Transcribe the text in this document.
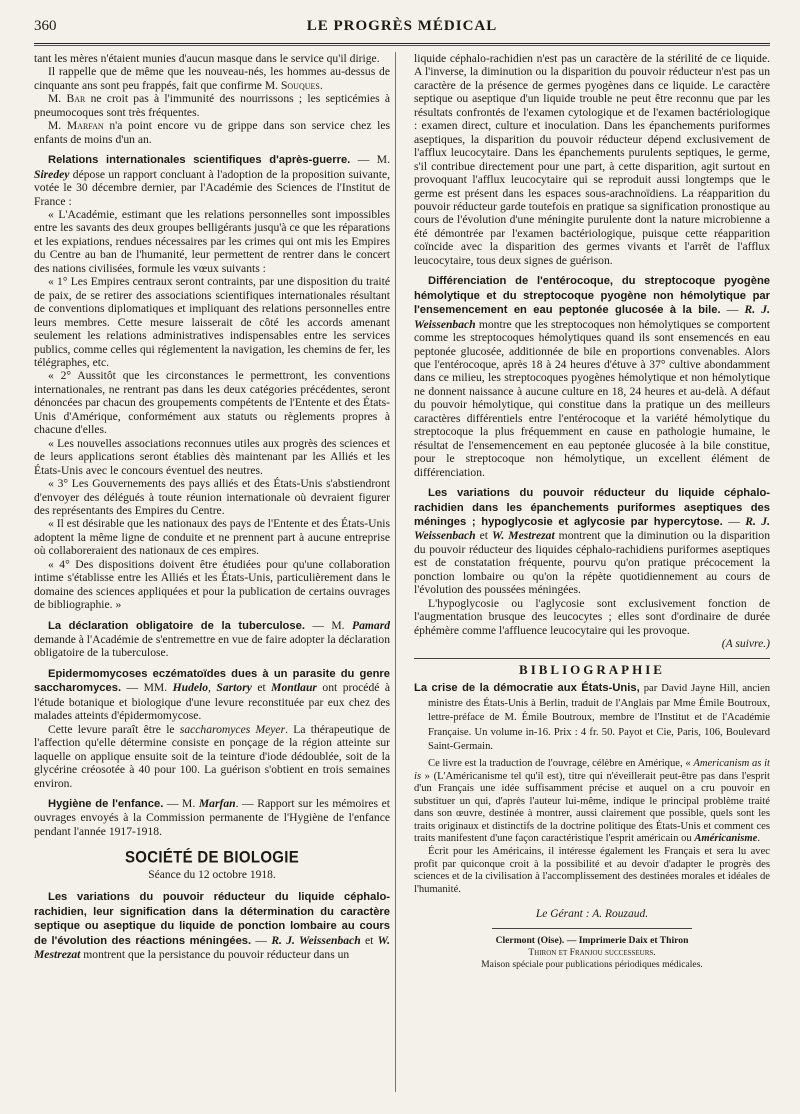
360	LE PROGRÈS MÉDICAL

tant les mères n'étaient munies d'aucun masque dans le service qu'il dirige.

Il rappelle que de même que les nouveau-nés, les hommes au-dessus de cinquante ans sont peu frappés, fait que confirme M. Souques.

M. Bar ne croit pas à l'immunité des nourrissons ; les septicémies à pneumocoques sont très fréquentes.

M. Marfan n'a point encore vu de grippe dans son service chez les enfants de moins d'un an.

Relations internationales scientifiques d'après-guerre. — M. Siredey dépose un rapport concluant à l'adoption de la proposition suivante, votée le 30 décembre dernier, par l'Académie des Sciences de l'Institut de France :

« L'Académie, estimant que les relations personnelles sont impossibles entre les savants des deux groupes belligérants jusqu'à ce que les réparations et les expiations, rendues nécessaires par les crimes qui ont mis les Empires du Centre au ban de l'humanité, leur permettent de rentrer dans le concert des nations civilisées, formule les vœux suivants :

« 1° Les Empires centraux seront contraints, par une disposition du traité de paix, de se retirer des associations scientifiques internationales résultant de conventions diplomatiques et impliquant des relations personnelles entre leurs membres. Cette mesure laisserait de côté les accords amenant seulement les relations administratives indispensables entre les services publics, comme celles qui réglementent la navigation, les chemins de fer, les télégraphes, etc.

« 2° Aussitôt que les circonstances le permettront, les conventions internationales, ne rentrant pas dans les deux catégories précédentes, seront dénoncées par chacun des groupements compétents de l'Entente et des États-Unis d'Amérique, conformément aux statuts ou règlements propres à chacune d'elles.

« Les nouvelles associations reconnues utiles aux progrès des sciences et de leurs applications seront établies dès maintenant par les Alliés et les États-Unis avec le concours éventuel des neutres.

« 3° Les Gouvernements des pays alliés et des États-Unis s'abstiendront d'envoyer des délégués à toute réunion internationale où devraient figurer des représentants des Empires du Centre.

« Il est désirable que les nationaux des pays de l'Entente et des États-Unis adoptent la même ligne de conduite et ne prennent part à aucune entreprise où collaboreraient des nationaux de ces empires.

« 4° Des dispositions doivent être étudiées pour qu'une collaboration intime s'établisse entre les Alliés et les États-Unis, particulièrement dans le domaine des sciences appliquées et pour la publication de certains ouvrages de bibliographie. »

La déclaration obligatoire de la tuberculose. — M. Pamard demande à l'Académie de s'entremettre en vue de faire adopter la déclaration obligatoire de la tuberculose.

Epidermomycoses eczématoïdes dues à un parasite du genre saccharomyces. — MM. Hudelo, Sartory et Montlaur ont procédé à l'étude botanique et biologique d'une levure reconstituée par eux chez des malades atteints d'épidermomycose.

Cette levure paraît être le saccharomyces Meyer. La thérapeutique de l'affection qu'elle détermine consiste en ponçage de la région atteinte sur laquelle on applique ensuite soit de la teinture d'iode dédoublée, soit de la glycérine créosotée à 40 pour 100. La guérison s'obtient en trois semaines environ.

Hygiène de l'enfance. — M. Marfan. — Rapport sur les mémoires et ouvrages envoyés à la Commission permanente de l'Hygiène de l'enfance pendant l'année 1917-1918.

SOCIÉTÉ DE BIOLOGIE
Séance du 12 octobre 1918.

Les variations du pouvoir réducteur du liquide céphalo-rachidien, leur signification dans la détermination du caractère septique ou aseptique du liquide de ponction lombaire au cours de l'évolution des réactions méningées. — R. J. Weissenbach et W. Mestrezat montrent que la persistance du pouvoir réducteur dans un

liquide céphalo-rachidien n'est pas un caractère de la stérilité de ce liquide. A l'inverse, la diminution ou la disparition du pouvoir réducteur n'est pas un caractère de la présence de germes pyogènes dans ce liquide. Le caractère septique ou aseptique d'un liquide trouble ne peut être reconnu que par les résultats confrontés de l'examen cytologique et de l'examen bactériologique : examen direct, culture et inoculation. Dans les épanchements puriformes aseptiques, la disparition du pouvoir réducteur dépend exclusivement de l'afflux leucocytaire. Dans les épanchements purulents septiques, le germe, s'il contribue directement pour une part, à cette disparition, agit surtout en provoquant l'afflux leucocytaire qui se reproduit aussi longtemps que le germe est présent dans les espaces sous-arachnoïdiens. La réapparition du pouvoir réducteur garde toutefois en pratique sa signification pronostique au cours de l'évolution d'une méningite purulente dont la nature microbienne a été démontrée par l'examen bactériologique, puisque cette réapparition coïncide avec la disparition des germes vivants et l'arrêt de l'afflux leucocytaire, tous deux signes de guérison.

Différenciation de l'entérocoque, du streptocoque pyogène hémolytique et du streptocoque pyogène non hémolytique par l'ensemencement en eau peptonée glucosée à la bile. — R. J. Weissenbach montre que les streptocoques non hémolytiques se comportent comme les streptocoques hémolytiques quand ils sont ensemencés en eau peptonée glucosée, additionnée de bile en proportions convenables. Alors que l'entérocoque, après 18 à 24 heures d'étuve à 37° cultive abondamment dans ce milieu, les streptocoques pyogènes hémolytique et non hémolytique ne donnent naissance à aucune culture en 18, 24 heures et au-delà. A défaut du pouvoir hémolytique, qui constitue dans la pratique un des meilleurs caractères différentiels entre l'entérocoque et la variété hémolytique du streptocoque la plus fréquemment en cause en pathologie humaine, le résultat de l'ensemencement en eau peptonée glucosée à la bile constitue, pour le streptocoque non hémolytique, un excellent élément de différenciation.

Les variations du pouvoir réducteur du liquide céphalo-rachidien dans les épanchements puriformes aseptiques des méninges ; hypoglycosie et aglycosie par hypercytose. — R. J. Weissenbach et W. Mestrezat montrent que la diminution ou la disparition du pouvoir réducteur des liquides céphalo-rachidiens puriformes aseptiques est de constatation fréquente, pourvu qu'on pratique précocement la ponction lombaire ou qu'on la répète quotidiennement au cours de l'évolution des poussées méningées.

L'hypoglycosie ou l'aglycosie sont exclusivement fonction de l'augmentation brusque des leucocytes ; elles sont d'ordinaire de durée éphémère comme l'affluence leucocytaire qui les provoque.

(A suivre.)
BIBLIOGRAPHIE

La crise de la démocratie aux États-Unis, par David Jayne Hill, ancien ministre des États-Unis à Berlin, traduit de l'Anglais par Mme Émile Boutroux, lettre-préface de M. Émile Boutroux, membre de l'Institut et de l'Académie Française. Un volume in-16. Prix : 4 fr. 50. Payot et Cie, Paris, 106, Boulevard Saint-Germain.

Ce livre est la traduction de l'ouvrage, célèbre en Amérique, « Americanism as it is » (L'Américanisme tel qu'il est), titre qui n'éveillerait peut-être pas dans l'esprit d'un Français une idée suffisamment précise et auquel on a cru pouvoir en substituer un qui, d'après l'auteur lui-même, indique le principal problème traité dans son œuvre, destinée à montrer, aussi clairement que possible, quels sont les traits originaux et distinctifs de la doctrine politique des États-Unis et comment ces traits manifestent d'une façon caractéristique l'esprit américain ou Américanisme.

Écrit pour les Américains, il intéresse également les Français et sera lu avec profit par quiconque croit à la possibilité et au devoir d'adapter le progrès des sciences et de la civilisation à l'accomplissement des destinées morales et idéales de l'humanité.

Le Gérant : A. Rouzaud.

Clermont (Oise). — Imprimerie Daix et Thiron

Thiron et Franjou successeurs.

Maison spéciale pour publications périodiques médicales.
